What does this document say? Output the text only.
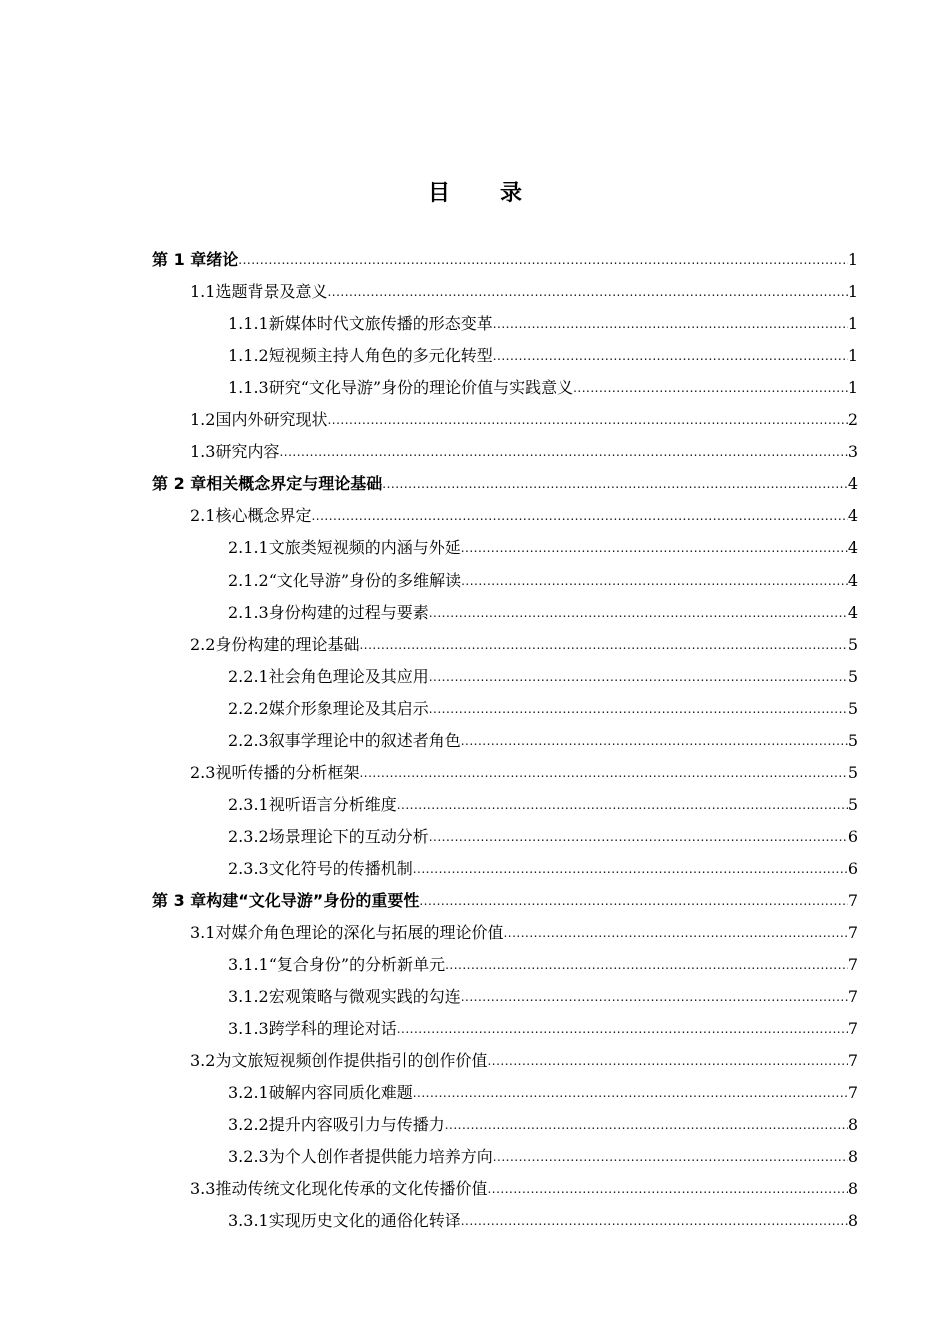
目 录
第 1 章 绪论 .....	1
1.1 选题背景及意义 .....	1
1.1.1 新媒体时代文旅传播的形态变革 .....	1
1.1.2 短视频主持人角色的多元化转型 .....	1
1.1.3 研究“文化导游”身份的理论价值与实践意义 .....	1
1.2 国内外研究现状 .....	2
1.3 研究内容 .....	3
第 2 章 相关概念界定与理论基础 .....	4
2.1 核心概念界定 .....	4
2.1.1 文旅类短视频的内涵与外延 .....	4
2.1.2 “文化导游”身份的多维解读 .....	4
2.1.3 身份构建的过程与要素 .....	4
2.2 身份构建的理论基础 .....	5
2.2.1 社会角色理论及其应用 .....	5
2.2.2 媒介形象理论及其启示 .....	5
2.2.3 叙事学理论中的叙述者角色 .....	5
2.3 视听传播的分析框架 .....	5
2.3.1 视听语言分析维度 .....	5
2.3.2 场景理论下的互动分析 .....	6
2.3.3 文化符号的传播机制 .....	6
第 3 章 构建“文化导游”身份的重要性 .....	7
3.1 对媒介角色理论的深化与拓展的理论价值 .....	7
3.1.1 “复合身份”的分析新单元 .....	7
3.1.2 宏观策略与微观实践的勾连 .....	7
3.1.3 跨学科的理论对话 .....	7
3.2 为文旅短视频创作提供指引的创作价值 .....	7
3.2.1 破解内容同质化难题 .....	7
3.2.2 提升内容吸引力与传播力 .....	8
3.2.3 为个人创作者提供能力培养方向 .....	8
3.3 推动传统文化现化传承的文化传播价值 .....	8
3.3.1 实现历史文化的通俗化转译 .....	8
